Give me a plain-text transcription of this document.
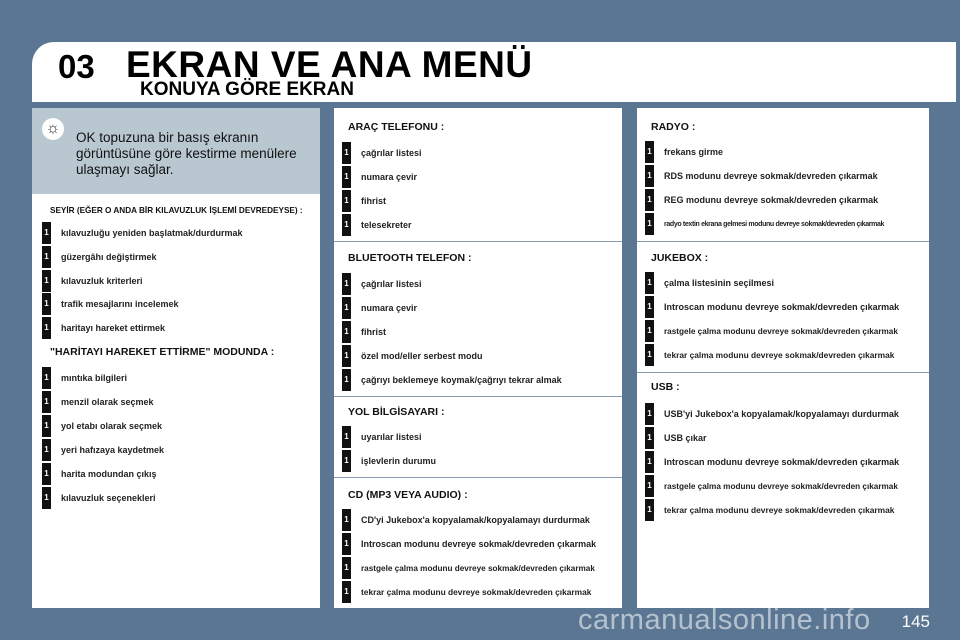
03 EKRAN VE ANA MENÜ
KONUYA GÖRE EKRAN
☼
OK topuzuna bir basış ekranın görüntüsüne göre kestirme menülere ulaşmayı sağlar.
SEYİR (EĞER O ANDA BİR KILAVUZLUK İŞLEMİ DEVREDEYSE) :
1 kılavuzluğu yeniden başlatmak/durdurmak
1 güzergâhı değiştirmek
1 kılavuzluk kriterleri
1 trafik mesajlarını incelemek
1 haritayı hareket ettirmek
"HARİTAYI HAREKET ETTİRME" MODUNDA :
1 mıntıka bilgileri
1 menzil olarak seçmek
1 yol etabı olarak seçmek
1 yeri hafızaya kaydetmek
1 harita modundan çıkış
1 kılavuzluk seçenekleri
ARAÇ TELEFONU :
1 çağrılar listesi
1 numara çevir
1 fihrist
1 telesekreter
BLUETOOTH TELEFON :
1 çağrılar listesi
1 numara çevir
1 fihrist
1 özel mod/eller serbest modu
1 çağrıyı beklemeye koymak/çağrıyı tekrar almak
YOL BİLGİSAYARI :
1 uyarılar listesi
1 işlevlerin durumu
CD (MP3 VEYA AUDIO) :
1 CD'yi Jukebox'a kopyalamak/kopyalamayı durdurmak
1 Introscan modunu devreye sokmak/devreden çıkarmak
1 rastgele çalma modunu devreye sokmak/devreden çıkarmak
1 tekrar çalma modunu devreye sokmak/devreden çıkarmak
RADYO :
1 frekans girme
1 RDS modunu devreye sokmak/devreden çıkarmak
1 REG modunu devreye sokmak/devreden çıkarmak
1	radyo textin ekrana gelmesi modunu devreye sokmak/devreden çıkarmak
JUKEBOX :
1 çalma listesinin seçilmesi
1 Introscan modunu devreye sokmak/devreden çıkarmak
1 rastgele çalma modunu devreye sokmak/devreden çıkarmak
1 tekrar çalma modunu devreye sokmak/devreden çıkarmak
USB :
1 USB'yi Jukebox'a kopyalamak/kopyalamayı durdurmak
1 USB çıkar
1 Introscan modunu devreye sokmak/devreden çıkarmak
1 rastgele çalma modunu devreye sokmak/devreden çıkarmak
1 tekrar çalma modunu devreye sokmak/devreden çıkarmak
carmanualsonline.info 145
